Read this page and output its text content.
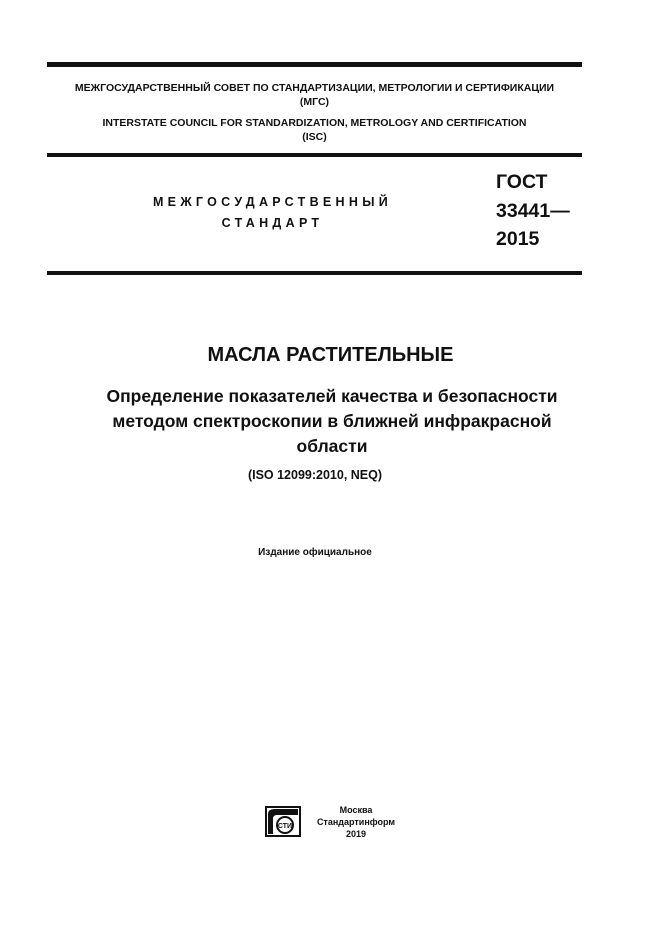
МЕЖГОСУДАРСТВЕННЫЙ СОВЕТ ПО СТАНДАРТИЗАЦИИ, МЕТРОЛОГИИ И СЕРТИФИКАЦИИ
(МГС)
INTERSTATE COUNCIL FOR STANDARDIZATION, METROLOGY AND CERTIFICATION
(ISC)
МЕЖГОСУДАРСТВЕННЫЙ
СТАНДАРТ
ГОСТ
33441—
2015
МАСЛА РАСТИТЕЛЬНЫЕ
Определение показателей качества и безопасности
методом спектроскопии в ближней инфракрасной
области
(ISO 12099:2010, NEQ)
Издание официальное
СТИ
Москва
Стандартинформ
2019
